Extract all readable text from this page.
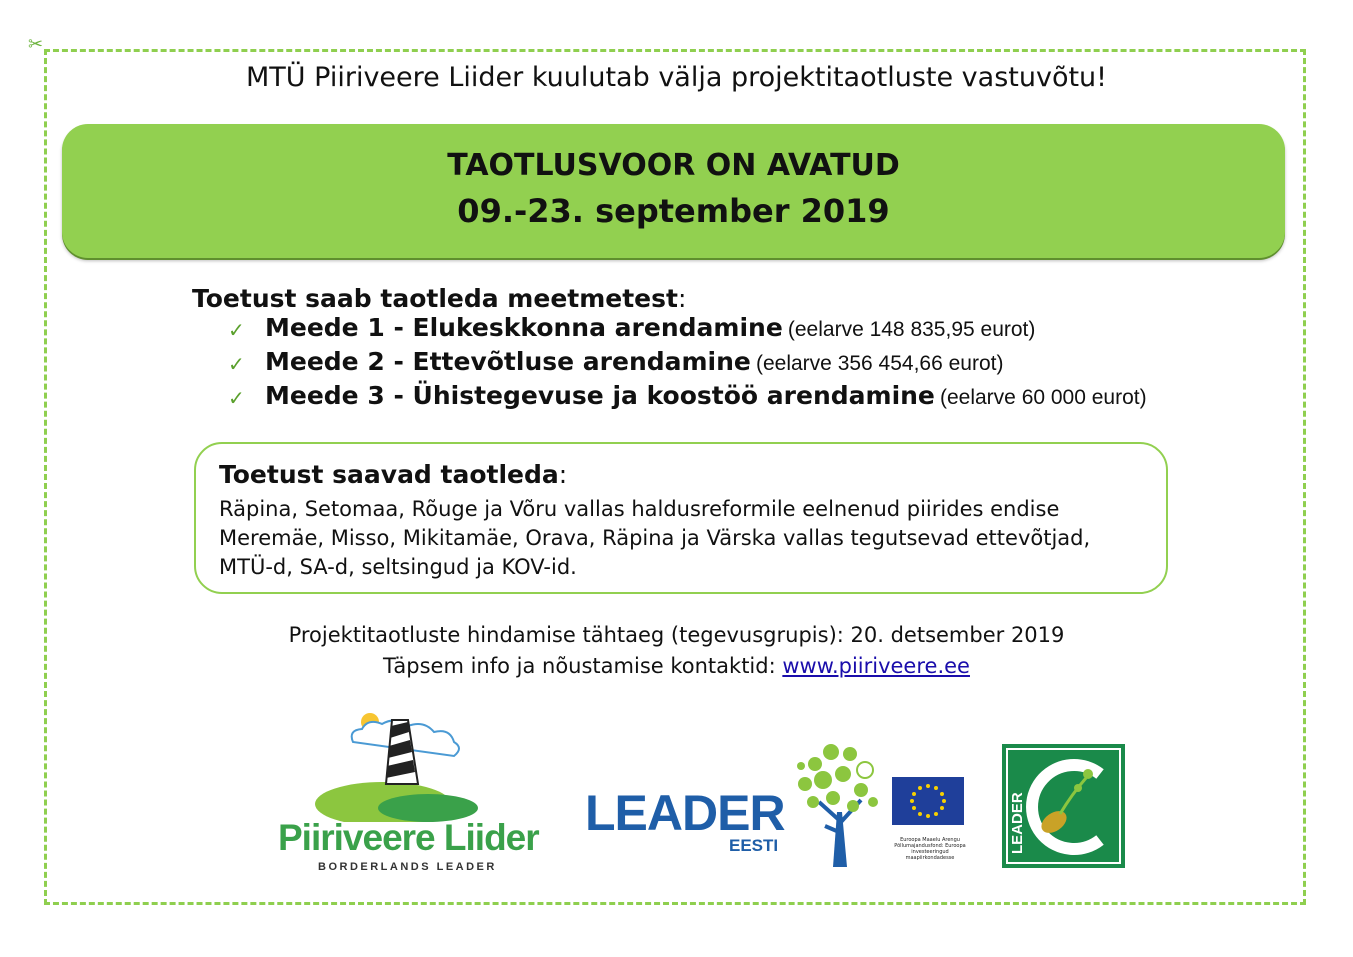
✂
MTÜ Piiriveere Liider kuulutab välja projektitaotluste vastuvõtu!
TAOTLUSVOOR ON AVATUD
09.-23. september 2019
Toetust saab taotleda meetmetest:
✓ Meede 1 - Elukeskkonna arendamine (eelarve 148 835,95 eurot)
✓ Meede 2 - Ettevõtluse arendamine (eelarve 356 454,66 eurot)
✓ Meede 3 - Ühistegevuse ja koostöö arendamine (eelarve 60 000 eurot)
Toetust saavad taotleda:
Räpina, Setomaa, Rõuge ja Võru vallas haldusreformile eelnenud piirides endise Meremäe, Misso, Mikitamäe, Orava, Räpina ja Värska vallas tegutsevad ettevõtjad, MTÜ-d, SA-d, seltsingud ja KOV-id.
Projektitaotluste hindamise tähtaeg (tegevusgrupis): 20. detsember 2019
Täpsem info ja nõustamise kontaktid: www.piiriveere.ee
Piiriveere Liider
BORDERLANDS LEADER
LEADER
EESTI	Euroopa Maaelu Arengu Põllumajandusfond: Euroopa investeeringud maapiirkondadesse
LEADER
